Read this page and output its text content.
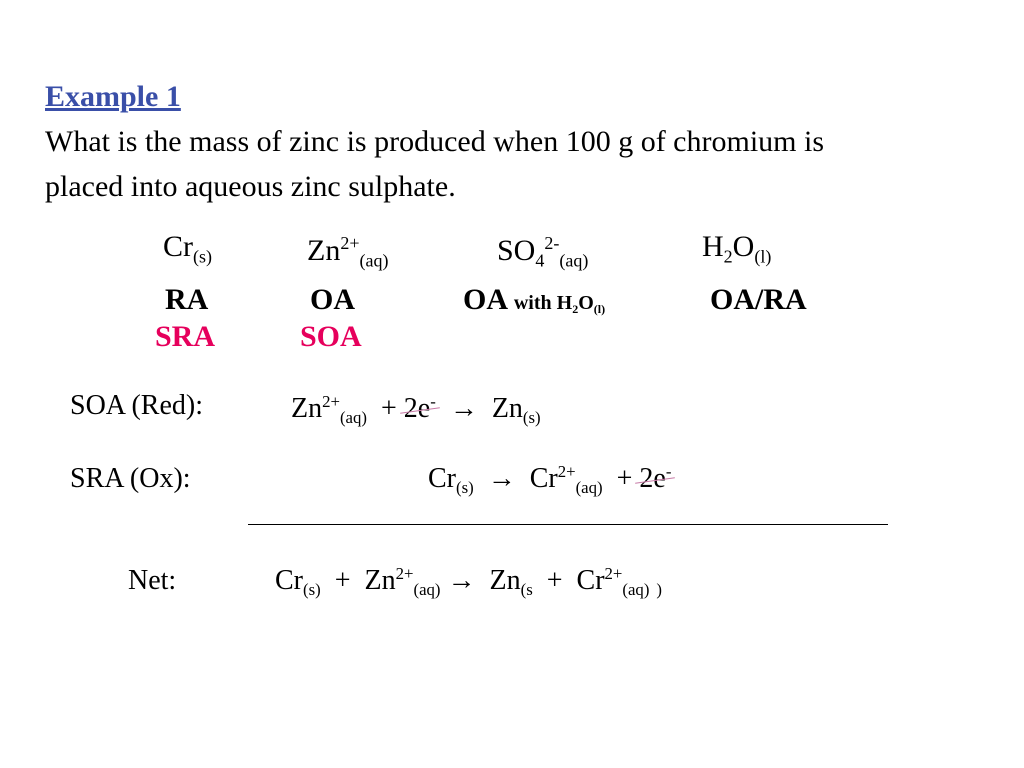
Example 1
What is the mass of zinc is produced when 100 g of chromium is
placed into aqueous zinc sulphate.
$Cr_{(s)}$	$Zn^{2+}_{(aq)}$	$SO_4^{2-}_{(aq)}$	$H_2O_{(l)}$
RA	OA	OA with $H_2O_{(l)}$	OA/RA
SRA	SOA
SOA (Red):	$Zn^{2+}_{(aq)} + 2e^- \to Zn_{(s)}$
SRA (Ox):	$Cr_{(s)} \to Cr^{2+}_{(aq)} + 2e^-$
Net:	$Cr_{(s)} + Zn^{2+}_{(aq)} \to Zn_{(s} + Cr^{2+}_{(aq)}$ $_)$
